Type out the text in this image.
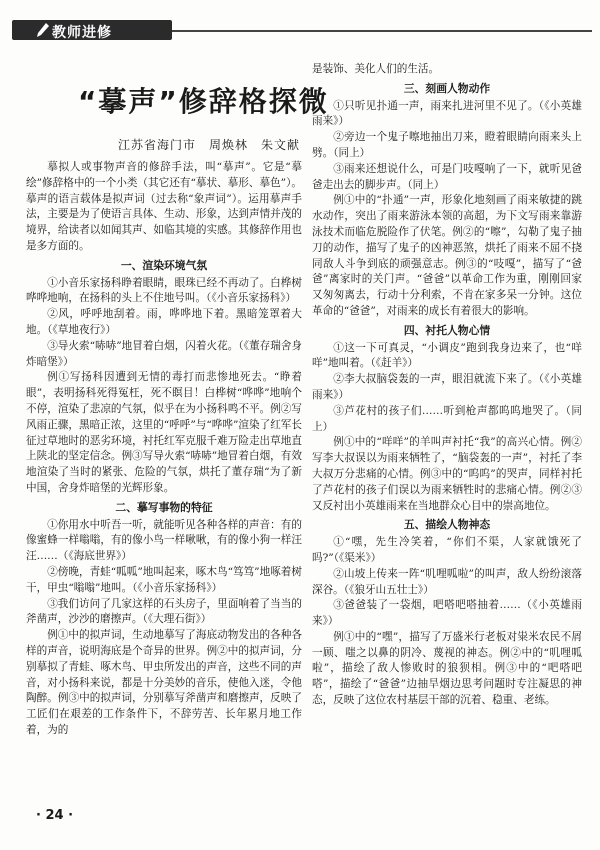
教师进修
“摹声”修辞格探微
江苏省海门市　周焕林　朱文献

摹拟人或事物声音的修辞手法，叫“摹声”。它是“摹绘”修辞格中的一个小类（其它还有“摹状、摹形、摹色”）。摹声的语言载体是拟声词（过去称“象声词”）。运用摹声手法，主要是为了使语言具体、生动、形象，达到声情并茂的境界，给读者以如闻其声、如临其境的实感。其修辞作用也是多方面的。

一、渲染环境气氛

①小音乐家扬科睁着眼睛，眼珠已经不再动了。白桦树哗哗地响，在扬科的头上不住地号叫。（《小音乐家扬科》）

②风，呼呼地刮着。雨，哗哗地下着。黑暗笼罩着大地。（《草地夜行》）

③导火索“哧哧”地冒着白烟，闪着火花。（《董存瑞舍身炸暗堡》）

例①写扬科因遭到无情的毒打而悲惨地死去。“睁着眼”，表明扬科死得冤枉，死不瞑目！白桦树“哗哗”地响个不停，渲染了悲凉的气氛，似乎在为小扬科鸣不平。例②写风雨正骤，黑暗正浓，这里的“呼呼”与“哗哗”渲染了红军长征过草地时的恶劣环境，衬托红军克服千难万险走出草地直上陕北的坚定信念。例③写导火索“哧哧”地冒着白烟，有效地渲染了当时的紧张、危险的气氛，烘托了董存瑞“为了新中国，舍身炸暗堡的光辉形象。

二、摹写事物的特征

①你用水中听吾一听，就能听见各种各样的声音：有的像蜜蜂一样嗡嗡，有的像小鸟一样啾啾，有的像小狗一样汪汪……（《海底世界》）

②傍晚，青蛙“呱呱”地叫起来，啄木鸟“笃笃”地啄着树干，甲虫“嗡嗡”地叫。（《小音乐家扬科》）

③我们访问了几家这样的石头房子，里面响着了当当的斧凿声，沙沙的磨擦声。（《大理石街》）

例①中的拟声词，生动地摹写了海底动物发出的各种各样的声音，说明海底是个奇异的世界。例②中的拟声词，分别摹拟了青蛙、啄木鸟、甲虫所发出的声音，这些不同的声音，对小扬科来说，都是十分美妙的音乐，使他入迷，令他陶醉。例③中的拟声词，分别摹写斧凿声和磨擦声，反映了工匠们在艰差的工作条件下，不辞劳苦、长年累月地工作着，为的

是装饰、美化人们的生活。

三、刻画人物动作

①只听见扑通一声，雨来扎进河里不见了。（《小英雄雨来》）

②旁边一个鬼子嚓地抽出刀来，瞪着眼睛向雨来头上劈。（同上）

③雨来还想说什么，可是门吱嘎响了一下，就听见爸爸走出去的脚步声。（同上）

例①中的“扑通”一声，形象化地刻画了雨来敏捷的跳水动作，突出了雨来游泳本领的高超，为下文写雨来靠游泳技术而临危脱险作了伏笔。例②的“嚓”，勾勒了鬼子抽刀的动作，描写了鬼子的凶神恶煞，烘托了雨来不屈不挠同敌人斗争到底的顽强意志。例③的“吱嘎”，描写了“爸爸”离家时的关门声。“爸爸”以革命工作为重，刚刚回家又匆匆离去，行动十分利索，不肯在家多呆一分钟。这位革命的“爸爸”，对雨来的成长有着很大的影响。

四、衬托人物心情

①这一下可真灵，“小调皮”跑到我身边来了，也“咩咩”地叫着。（《赶羊》）

②李大叔脑袋轰的一声，眼泪就流下来了。（《小英雄雨来》）

③芦花村的孩子们……听到枪声都呜呜地哭了。（同上）

例①中的“咩咩”的羊叫声衬托“我”的高兴心情。例②写李大叔误以为雨来牺牲了，“脑袋轰的一声”，衬托了李大叔万分悲痛的心情。例③中的“呜呜”的哭声，同样衬托了芦花村的孩子们误以为雨来牺牲时的悲痛心情。例②③又反衬出小英雄雨来在当地群众心目中的崇高地位。

五、描绘人物神态

①“嘿，先生冷笑着，“你们不渠，人家就饿死了吗?”（《渠米》）

②山坡上传来一阵“叽哩呱啦”的叫声，敌人纷纷滚落深谷。（《狼牙山五壮士》）

③爸爸装了一袋烟，吧嗒吧嗒抽着……（《小英雄雨来》）

例①中的“嘿”，描写了万盛米行老板对粜米农民不屑一顾、嗤之以鼻的阴冷、蔑视的神态。例②中的“叽哩呱啦”，描绘了敌人惨败时的狼狈相。例③中的“吧嗒吧嗒”，描绘了“爸爸”边抽旱烟边思考问题时专注凝思的神态，反映了这位农村基层干部的沉着、稳重、老练。

· 24 ·
